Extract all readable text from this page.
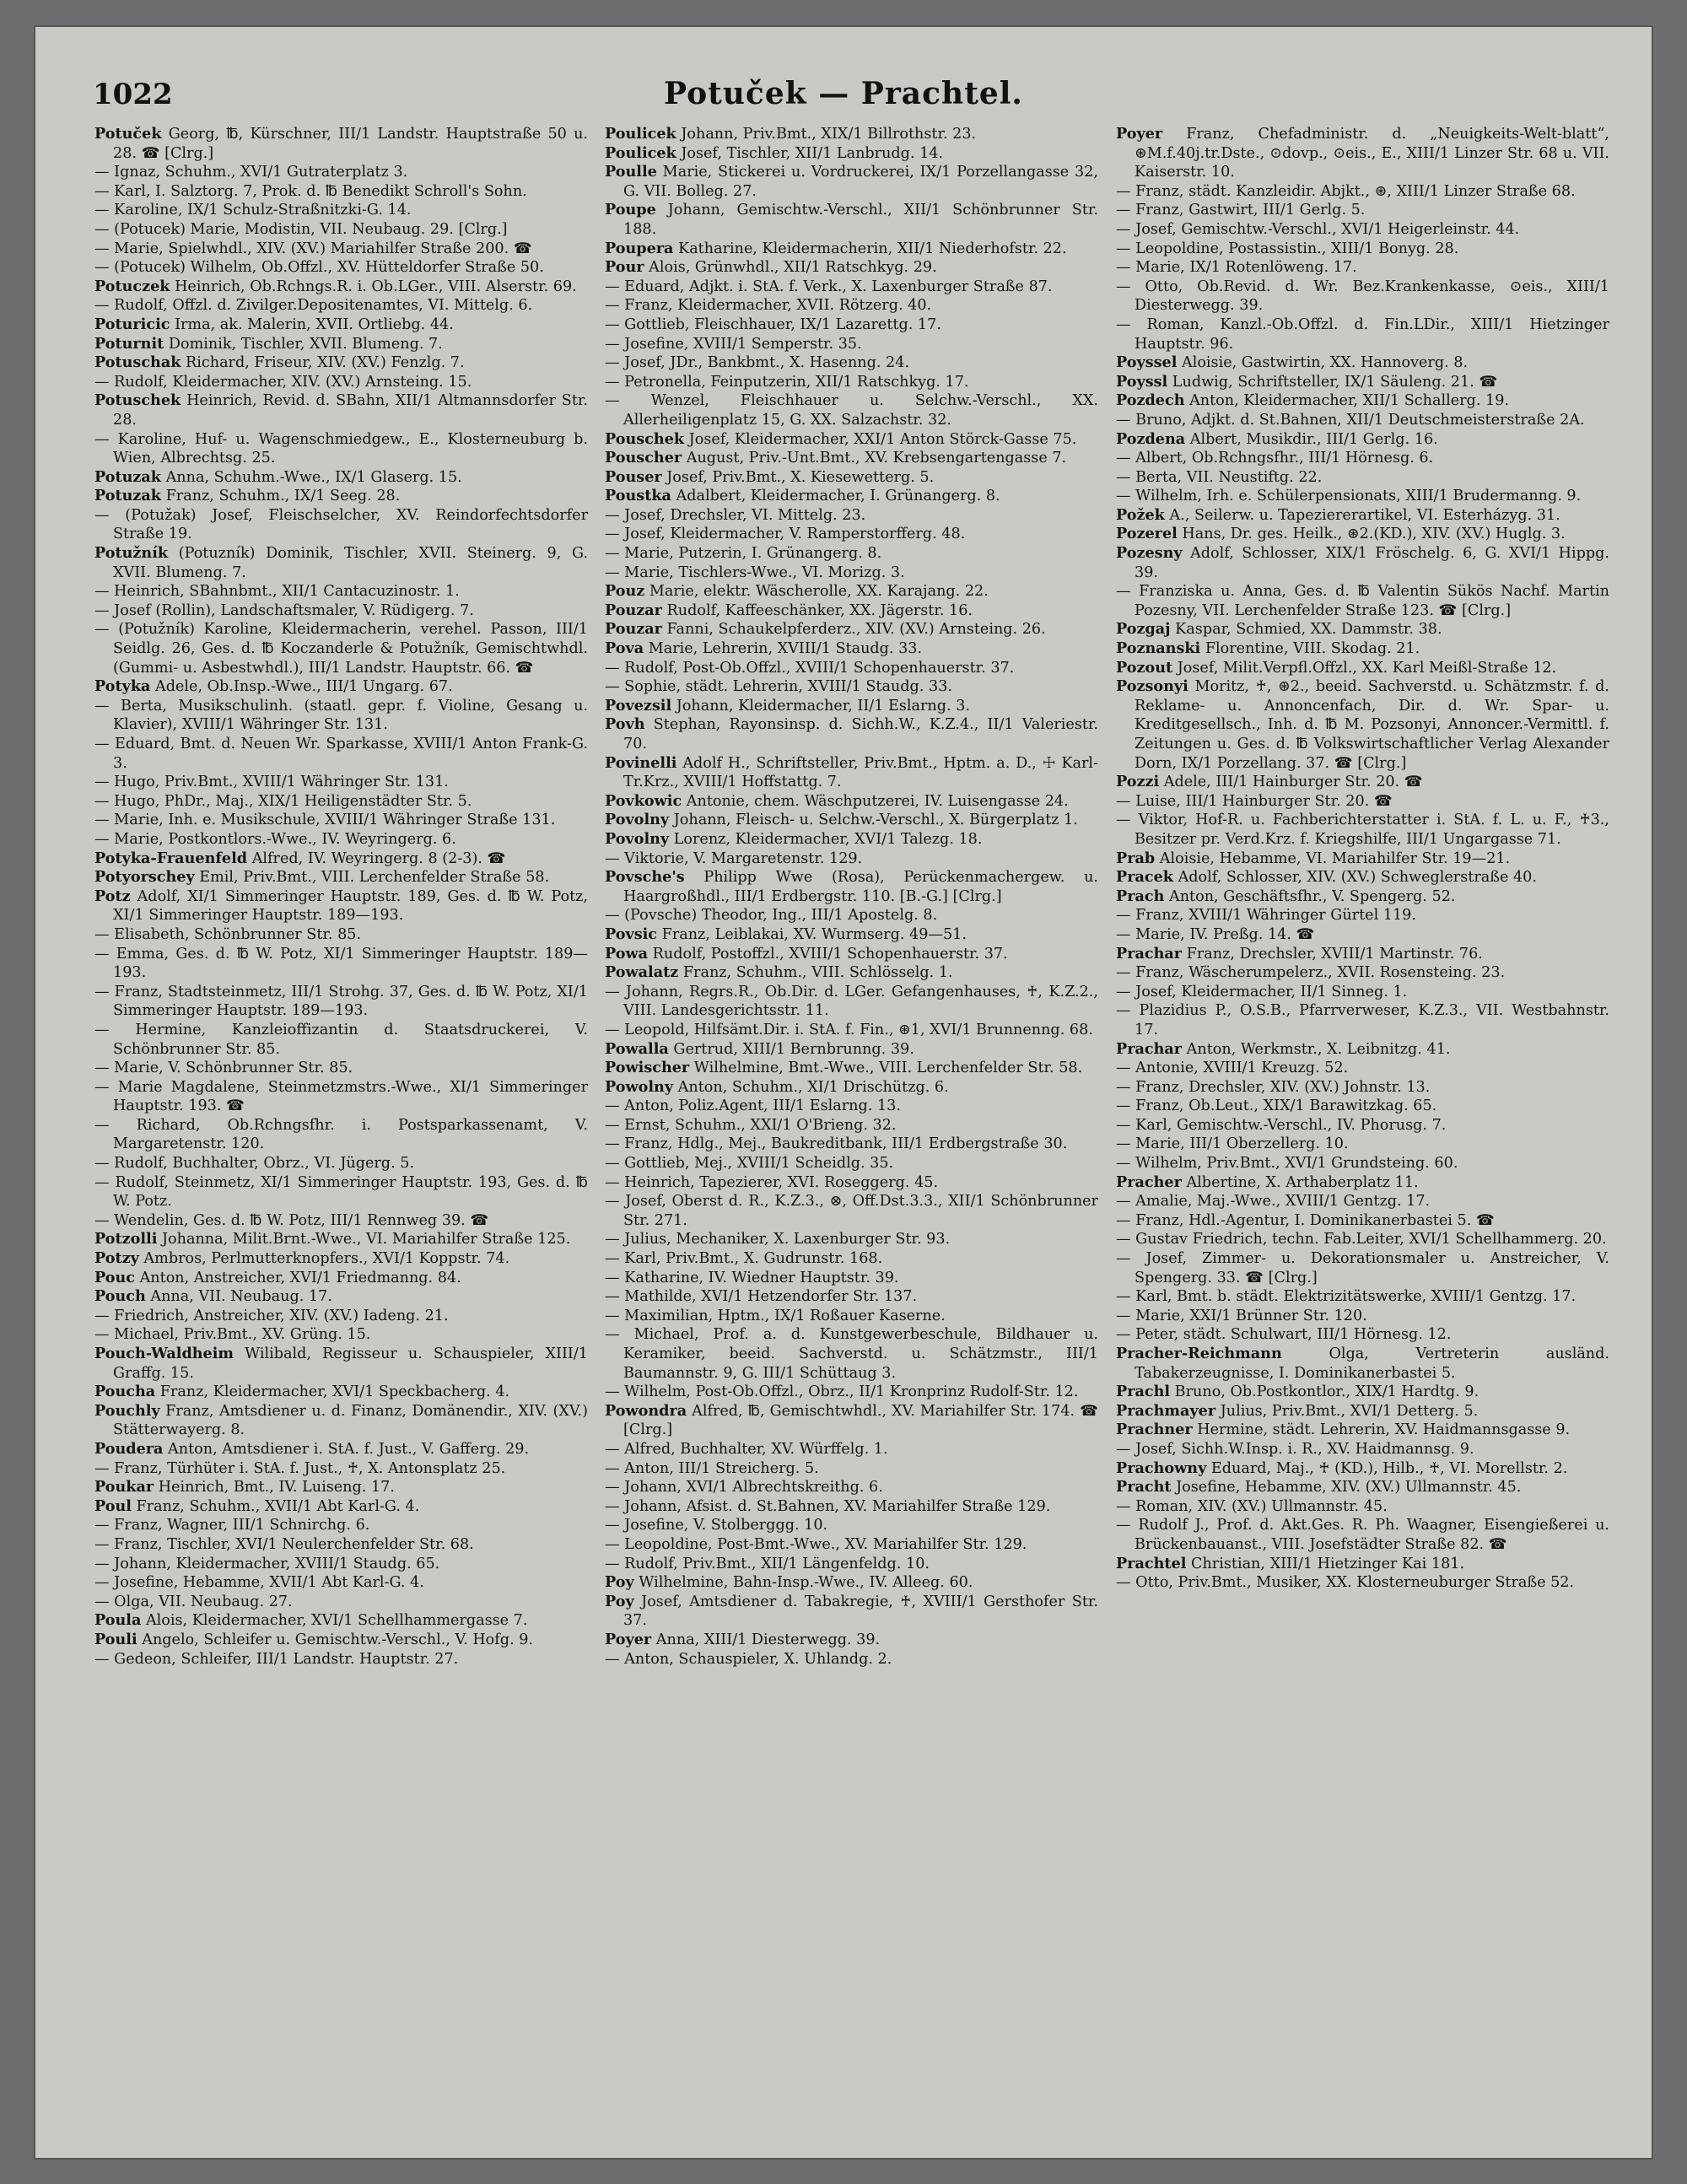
1022	Potuček — Prachtel.
Potuček Georg, ℔, Kürschner, III/1 Landstr. Hauptstraße 50 u. 28. ☎ [Clrg.]
— Ignaz, Schuhm., XVI/1 Gutraterplatz 3.
— Karl, I. Salztorg. 7, Prok. d. ℔ Benedikt Schroll's Sohn.
— Karoline, IX/1 Schulz-Straßnitzki-G. 14.
— (Potucek) Marie, Modistin, VII. Neubaug. 29. [Clrg.]
— Marie, Spielwhdl., XIV. (XV.) Mariahilfer Straße 200. ☎
— (Potucek) Wilhelm, Ob.Offzl., XV. Hütteldorfer Straße 50.
Potuczek Heinrich, Ob.Rchngs.R. i. Ob.LGer., VIII. Alserstr. 69.
— Rudolf, Offzl. d. Zivilger.Depositenamtes, VI. Mittelg. 6.
Poturicic Irma, ak. Malerin, XVII. Ortliebg. 44.
Poturnit Dominik, Tischler, XVII. Blumeng. 7.
Potuschak Richard, Friseur, XIV. (XV.) Fenzlg. 7.
— Rudolf, Kleidermacher, XIV. (XV.) Arnsteing. 15.
Potuschek Heinrich, Revid. d. SBahn, XII/1 Altmannsdorfer Str. 28.
— Karoline, Huf- u. Wagenschmiedgew., E., Klosterneuburg b. Wien, Albrechtsg. 25.
Potuzak Anna, Schuhm.-Wwe., IX/1 Glaserg. 15.
Potuzak Franz, Schuhm., IX/1 Seeg. 28.
— (Potužak) Josef, Fleischselcher, XV. Reindorfechtsdorfer Straße 19.
Potužník (Potuzník) Dominik, Tischler, XVII. Steinerg. 9, G. XVII. Blumeng. 7.
— Heinrich, SBahnbmt., XII/1 Cantacuzinostr. 1.
— Josef (Rollin), Landschaftsmaler, V. Rüdigerg. 7.
— (Potužník) Karoline, Kleidermacherin, verehel. Passon, III/1 Seidlg. 26, Ges. d. ℔ Koczanderle & Potužník, Gemischtwhdl. (Gummi- u. Asbestwhdl.), III/1 Landstr. Hauptstr. 66. ☎
Potyka Adele, Ob.Insp.-Wwe., III/1 Ungarg. 67.
— Berta, Musikschulinh. (staatl. gepr. f. Violine, Gesang u. Klavier), XVIII/1 Währinger Str. 131.
— Eduard, Bmt. d. Neuen Wr. Sparkasse, XVIII/1 Anton Frank-G. 3.
— Hugo, Priv.Bmt., XVIII/1 Währinger Str. 131.
— Hugo, PhDr., Maj., XIX/1 Heiligenstädter Str. 5.
— Marie, Inh. e. Musikschule, XVIII/1 Währinger Straße 131.
— Marie, Postkontlors.-Wwe., IV. Weyringerg. 6.
Potyka-Frauenfeld Alfred, IV. Weyringerg. 8 (2-3). ☎
Potyorschey Emil, Priv.Bmt., VIII. Lerchenfelder Straße 58.
Potz Adolf, XI/1 Simmeringer Hauptstr. 189, Ges. d. ℔ W. Potz, XI/1 Simmeringer Hauptstr. 189—193.
— Elisabeth, Schönbrunner Str. 85.
— Emma, Ges. d. ℔ W. Potz, XI/1 Simmeringer Hauptstr. 189—193.
— Franz, Stadtsteinmetz, III/1 Strohg. 37, Ges. d. ℔ W. Potz, XI/1 Simmeringer Hauptstr. 189—193.
— Hermine, Kanzleioffizantin d. Staatsdruckerei, V. Schönbrunner Str. 85.
— Marie, V. Schönbrunner Str. 85.
— Marie Magdalene, Steinmetzmstrs.-Wwe., XI/1 Simmeringer Hauptstr. 193. ☎
— Richard, Ob.Rchngsfhr. i. Postsparkassenamt, V. Margaretenstr. 120.
— Rudolf, Buchhalter, Obrz., VI. Jügerg. 5.
— Rudolf, Steinmetz, XI/1 Simmeringer Hauptstr. 193, Ges. d. ℔ W. Potz.
— Wendelin, Ges. d. ℔ W. Potz, III/1 Rennweg 39. ☎
Potzolli Johanna, Milit.Brnt.-Wwe., VI. Mariahilfer Straße 125.
Potzy Ambros, Perlmutterknopfers., XVI/1 Koppstr. 74.
Pouc Anton, Anstreicher, XVI/1 Friedmanng. 84.
Pouch Anna, VII. Neubaug. 17.
— Friedrich, Anstreicher, XIV. (XV.) Iadeng. 21.
— Michael, Priv.Bmt., XV. Grüng. 15.
Pouch-Waldheim Wilibald, Regisseur u. Schauspieler, XIII/1 Graffg. 15.
Poucha Franz, Kleidermacher, XVI/1 Speckbacherg. 4.
Pouchly Franz, Amtsdiener u. d. Finanz, Domänendir., XIV. (XV.) Stätterwayerg. 8.
Poudera Anton, Amtsdiener i. StA. f. Just., V. Gafferg. 29.
— Franz, Türhüter i. StA. f. Just., ♰, X. Antonsplatz 25.
Poukar Heinrich, Bmt., IV. Luiseng. 17.
Poul Franz, Schuhm., XVII/1 Abt Karl-G. 4.
— Franz, Wagner, III/1 Schnirchg. 6.
— Franz, Tischler, XVI/1 Neulerchenfelder Str. 68.
— Johann, Kleidermacher, XVIII/1 Staudg. 65.
— Josefine, Hebamme, XVII/1 Abt Karl-G. 4.
— Olga, VII. Neubaug. 27.
Poula Alois, Kleidermacher, XVI/1 Schellhammergasse 7.
Pouli Angelo, Schleifer u. Gemischtw.-Verschl., V. Hofg. 9.
— Gedeon, Schleifer, III/1 Landstr. Hauptstr. 27.
Poulicek Johann, Priv.Bmt., XIX/1 Billrothstr. 23.
Poulicek Josef, Tischler, XII/1 Lanbrudg. 14.
Poulle Marie, Stickerei u. Vordruckerei, IX/1 Porzellangasse 32, G. VII. Bolleg. 27.
Poupe Johann, Gemischtw.-Verschl., XII/1 Schönbrunner Str. 188.
Poupera Katharine, Kleidermacherin, XII/1 Niederhofstr. 22.
Pour Alois, Grünwhdl., XII/1 Ratschkyg. 29.
— Eduard, Adjkt. i. StA. f. Verk., X. Laxenburger Straße 87.
— Franz, Kleidermacher, XVII. Rötzerg. 40.
— Gottlieb, Fleischhauer, IX/1 Lazarettg. 17.
— Josefine, XVIII/1 Semperstr. 35.
— Josef, JDr., Bankbmt., X. Hasenng. 24.
— Petronella, Feinputzerin, XII/1 Ratschkyg. 17.
— Wenzel, Fleischhauer u. Selchw.-Verschl., XX. Allerheiligenplatz 15, G. XX. Salzachstr. 32.
Pouschek Josef, Kleidermacher, XXI/1 Anton Störck-Gasse 75.
Pouscher August, Priv.-Unt.Bmt., XV. Krebsengartengasse 7.
Pouser Josef, Priv.Bmt., X. Kiesewetterg. 5.
Poustka Adalbert, Kleidermacher, I. Grünangerg. 8.
— Josef, Drechsler, VI. Mittelg. 23.
— Josef, Kleidermacher, V. Ramperstorfferg. 48.
— Marie, Putzerin, I. Grünangerg. 8.
— Marie, Tischlers-Wwe., VI. Morizg. 3.
Pouz Marie, elektr. Wäscherolle, XX. Karajang. 22.
Pouzar Rudolf, Kaffeeschänker, XX. Jägerstr. 16.
Pouzar Fanni, Schaukelpferderz., XIV. (XV.) Arnsteing. 26.
Pova Marie, Lehrerin, XVIII/1 Staudg. 33.
— Rudolf, Post-Ob.Offzl., XVIII/1 Schopenhauerstr. 37.
— Sophie, städt. Lehrerin, XVIII/1 Staudg. 33.
Povezsil Johann, Kleidermacher, II/1 Eslarng. 3.
Povh Stephan, Rayonsinsp. d. Sichh.W., K.Z.4., II/1 Valeriestr. 70.
Povinelli Adolf H., Schriftsteller, Priv.Bmt., Hptm. a. D., ☩ Karl-Tr.Krz., XVIII/1 Hoffstattg. 7.
Povkowic Antonie, chem. Wäschputzerei, IV. Luisengasse 24.
Povolny Johann, Fleisch- u. Selchw.-Verschl., X. Bürgerplatz 1.
Povolny Lorenz, Kleidermacher, XVI/1 Talezg. 18.
— Viktorie, V. Margaretenstr. 129.
Povsche's Philipp Wwe (Rosa), Perückenmachergew. u. Haargroßhdl., III/1 Erdbergstr. 110. [B.-G.] [Clrg.]
— (Povsche) Theodor, Ing., III/1 Apostelg. 8.
Povsic Franz, Leiblakai, XV. Wurmserg. 49—51.
Powa Rudolf, Postoffzl., XVIII/1 Schopenhauerstr. 37.
Powalatz Franz, Schuhm., VIII. Schlösselg. 1.
— Johann, Regrs.R., Ob.Dir. d. LGer. Gefangenhauses, ♰, K.Z.2., VIII. Landesgerichtsstr. 11.
— Leopold, Hilfsämt.Dir. i. StA. f. Fin., ⊛1, XVI/1 Brunnenng. 68.
Powalla Gertrud, XIII/1 Bernbrunng. 39.
Powischer Wilhelmine, Bmt.-Wwe., VIII. Lerchenfelder Str. 58.
Powolny Anton, Schuhm., XI/1 Drischützg. 6.
— Anton, Poliz.Agent, III/1 Eslarng. 13.
— Ernst, Schuhm., XXI/1 O'Brieng. 32.
— Franz, Hdlg., Mej., Baukreditbank, III/1 Erdbergstraße 30.
— Gottlieb, Mej., XVIII/1 Scheidlg. 35.
— Heinrich, Tapezierer, XVI. Roseggerg. 45.
— Josef, Oberst d. R., K.Z.3., ⊗, Off.Dst.3.3., XII/1 Schönbrunner Str. 271.
— Julius, Mechaniker, X. Laxenburger Str. 93.
— Karl, Priv.Bmt., X. Gudrunstr. 168.
— Katharine, IV. Wiedner Hauptstr. 39.
— Mathilde, XVI/1 Hetzendorfer Str. 137.
— Maximilian, Hptm., IX/1 Roßauer Kaserne.
— Michael, Prof. a. d. Kunstgewerbeschule, Bildhauer u. Keramiker, beeid. Sachverstd. u. Schätzmstr., III/1 Baumannstr. 9, G. III/1 Schüttaug 3.
— Wilhelm, Post-Ob.Offzl., Obrz., II/1 Kronprinz Rudolf-Str. 12.
Powondra Alfred, ℔, Gemischtwhdl., XV. Mariahilfer Str. 174. ☎ [Clrg.]
— Alfred, Buchhalter, XV. Würffelg. 1.
— Anton, III/1 Streicherg. 5.
— Johann, XVI/1 Albrechtskreithg. 6.
— Johann, Afsist. d. St.Bahnen, XV. Mariahilfer Straße 129.
— Josefine, V. Stolberggg. 10.
— Leopoldine, Post-Bmt.-Wwe., XV. Mariahilfer Str. 129.
— Rudolf, Priv.Bmt., XII/1 Längenfeldg. 10.
Poy Wilhelmine, Bahn-Insp.-Wwe., IV. Alleeg. 60.
Poy Josef, Amtsdiener d. Tabakregie, ♰, XVIII/1 Gersthofer Str. 37.
Poyer Anna, XIII/1 Diesterwegg. 39.
— Anton, Schauspieler, X. Uhlandg. 2.
Poyer Franz, Chefadministr. d. „Neuigkeits-Welt-blatt“, ⊛M.f.40j.tr.Dste., ⊙dovp., ⊙eis., E., XIII/1 Linzer Str. 68 u. VII. Kaiserstr. 10.
— Franz, städt. Kanzleidir. Abjkt., ⊛, XIII/1 Linzer Straße 68.
— Franz, Gastwirt, III/1 Gerlg. 5.
— Josef, Gemischtw.-Verschl., XVI/1 Heigerleinstr. 44.
— Leopoldine, Postassistin., XIII/1 Bonyg. 28.
— Marie, IX/1 Rotenlöweng. 17.
— Otto, Ob.Revid. d. Wr. Bez.Krankenkasse, ⊙eis., XIII/1 Diesterwegg. 39.
— Roman, Kanzl.-Ob.Offzl. d. Fin.LDir., XIII/1 Hietzinger Hauptstr. 96.
Poyssel Aloisie, Gastwirtin, XX. Hannoverg. 8.
Poyssl Ludwig, Schriftsteller, IX/1 Säuleng. 21. ☎
Pozdech Anton, Kleidermacher, XII/1 Schallerg. 19.
— Bruno, Adjkt. d. St.Bahnen, XII/1 Deutschmeisterstraße 2A.
Pozdena Albert, Musikdir., III/1 Gerlg. 16.
— Albert, Ob.Rchngsfhr., III/1 Hörnesg. 6.
— Berta, VII. Neustiftg. 22.
— Wilhelm, Irh. e. Schülerpensionats, XIII/1 Brudermanng. 9.
Požek A., Seilerw. u. Tapeziererartikel, VI. Esterházyg. 31.
Pozerel Hans, Dr. ges. Heilk., ⊛2.(KD.), XIV. (XV.) Huglg. 3.
Pozesny Adolf, Schlosser, XIX/1 Fröschelg. 6, G. XVI/1 Hippg. 39.
— Franziska u. Anna, Ges. d. ℔ Valentin Sükös Nachf. Martin Pozesny, VII. Lerchenfelder Straße 123. ☎ [Clrg.]
Pozgaj Kaspar, Schmied, XX. Dammstr. 38.
Poznanski Florentine, VIII. Skodag. 21.
Pozout Josef, Milit.Verpfl.Offzl., XX. Karl Meißl-Straße 12.
Pozsonyi Moritz, ♰, ⊛2., beeid. Sachverstd. u. Schätzmstr. f. d. Reklame- u. Annoncenfach, Dir. d. Wr. Spar- u. Kreditgesellsch., Inh. d. ℔ M. Pozsonyi, Annoncer.-Vermittl. f. Zeitungen u. Ges. d. ℔ Volkswirtschaftlicher Verlag Alexander Dorn, IX/1 Porzellang. 37. ☎ [Clrg.]
Pozzi Adele, III/1 Hainburger Str. 20. ☎
— Luise, III/1 Hainburger Str. 20. ☎
— Viktor, Hof-R. u. Fachberichterstatter i. StA. f. L. u. F., ♰3., Besitzer pr. Verd.Krz. f. Kriegshilfe, III/1 Ungargasse 71.
Prab Aloisie, Hebamme, VI. Mariahilfer Str. 19—21.
Pracek Adolf, Schlosser, XIV. (XV.) Schweglerstraße 40.
Prach Anton, Geschäftsfhr., V. Spengerg. 52.
— Franz, XVIII/1 Währinger Gürtel 119.
— Marie, IV. Preßg. 14. ☎
Prachar Franz, Drechsler, XVIII/1 Martinstr. 76.
— Franz, Wäscherumpelerz., XVII. Rosensteing. 23.
— Josef, Kleidermacher, II/1 Sinneg. 1.
— Plazidius P., O.S.B., Pfarrverweser, K.Z.3., VII. Westbahnstr. 17.
Prachar Anton, Werkmstr., X. Leibnitzg. 41.
— Antonie, XVIII/1 Kreuzg. 52.
— Franz, Drechsler, XIV. (XV.) Johnstr. 13.
— Franz, Ob.Leut., XIX/1 Barawitzkag. 65.
— Karl, Gemischtw.-Verschl., IV. Phorusg. 7.
— Marie, III/1 Oberzellerg. 10.
— Wilhelm, Priv.Bmt., XVI/1 Grundsteing. 60.
Pracher Albertine, X. Arthaberplatz 11.
— Amalie, Maj.-Wwe., XVIII/1 Gentzg. 17.
— Franz, Hdl.-Agentur, I. Dominikanerbastei 5. ☎
— Gustav Friedrich, techn. Fab.Leiter, XVI/1 Schellhammerg. 20.
— Josef, Zimmer- u. Dekorationsmaler u. Anstreicher, V. Spengerg. 33. ☎ [Clrg.]
— Karl, Bmt. b. städt. Elektrizitätswerke, XVIII/1 Gentzg. 17.
— Marie, XXI/1 Brünner Str. 120.
— Peter, städt. Schulwart, III/1 Hörnesg. 12.
Pracher-Reichmann Olga, Vertreterin ausländ. Tabakerzeugnisse, I. Dominikanerbastei 5.
Prachl Bruno, Ob.Postkontlor., XIX/1 Hardtg. 9.
Prachmayer Julius, Priv.Bmt., XVI/1 Detterg. 5.
Prachner Hermine, städt. Lehrerin, XV. Haidmannsgasse 9.
— Josef, Sichh.W.Insp. i. R., XV. Haidmannsg. 9.
Prachowny Eduard, Maj., ♰ (KD.), Hilb., ♰, VI. Morellstr. 2.
Pracht Josefine, Hebamme, XIV. (XV.) Ullmannstr. 45.
— Roman, XIV. (XV.) Ullmannstr. 45.
— Rudolf J., Prof. d. Akt.Ges. R. Ph. Waagner, Eisengießerei u. Brückenbauanst., VIII. Josefstädter Straße 82. ☎
Prachtel Christian, XIII/1 Hietzinger Kai 181.
— Otto, Priv.Bmt., Musiker, XX. Klosterneuburger Straße 52.
